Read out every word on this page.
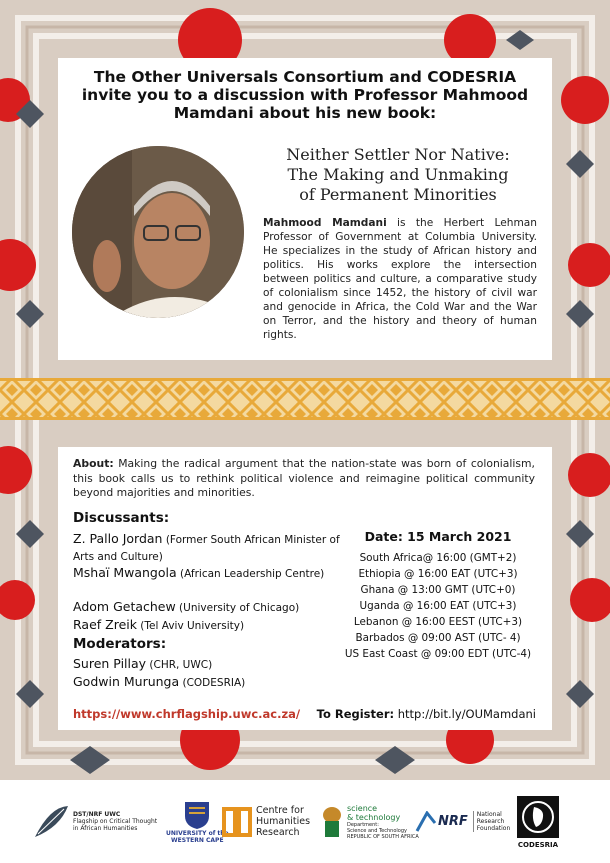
The Other Universals Consortium and CODESRIA
invite you to a discussion with Professor Mahmood
Mamdani about his new book:
Neither Settler Nor Native:
The Making and Unmaking
of Permanent Minorities
Mahmood Mamdani is the Herbert Lehman Professor of Government at Columbia University. He specializes in the study of African history and politics. His works explore the intersection between politics and culture, a comparative study of colonialism since 1452, the history of civil war and genocide in Africa, the Cold War and the War on Terror, and the history and theory of human rights.
About: Making the radical argument that the nation-state was born of colonialism, this book calls us to rethink political violence and reimagine political community beyond majorities and minorities.
Discussants:
Z. Pallo Jordan (Former South African Minister of Arts and Culture)
Mshaï Mwangola (African Leadership Centre)
Adom Getachew (University of Chicago)
Raef Zreik (Tel Aviv University)
Moderators:
Suren Pillay (CHR, UWC)
Godwin Murunga (CODESRIA)
Date: 15 March 2021
South Africa@ 16:00 (GMT+2)
Ethiopia @ 16:00 EAT (UTC+3)
Ghana @ 13:00 GMT (UTC+0)
Uganda @ 16:00 EAT (UTC+3)
Lebanon @ 16:00 EEST (UTC+3)
Barbados @ 09:00 AST (UTC- 4)
US East Coast @ 09:00 EDT (UTC-4)
https://www.chrflagship.uwc.ac.za/ To Register: http://bit.ly/OUMamdani
DST/NRF UWC
Flagship on Critical Thought
in African Humanities
UNIVERSITY of the
WESTERN CAPE
Centre for
Humanities
Research
science
& technology
Department:
Science and Technology
REPUBLIC OF SOUTH AFRICA
NRF National
Research
Foundation
CODESRIA
